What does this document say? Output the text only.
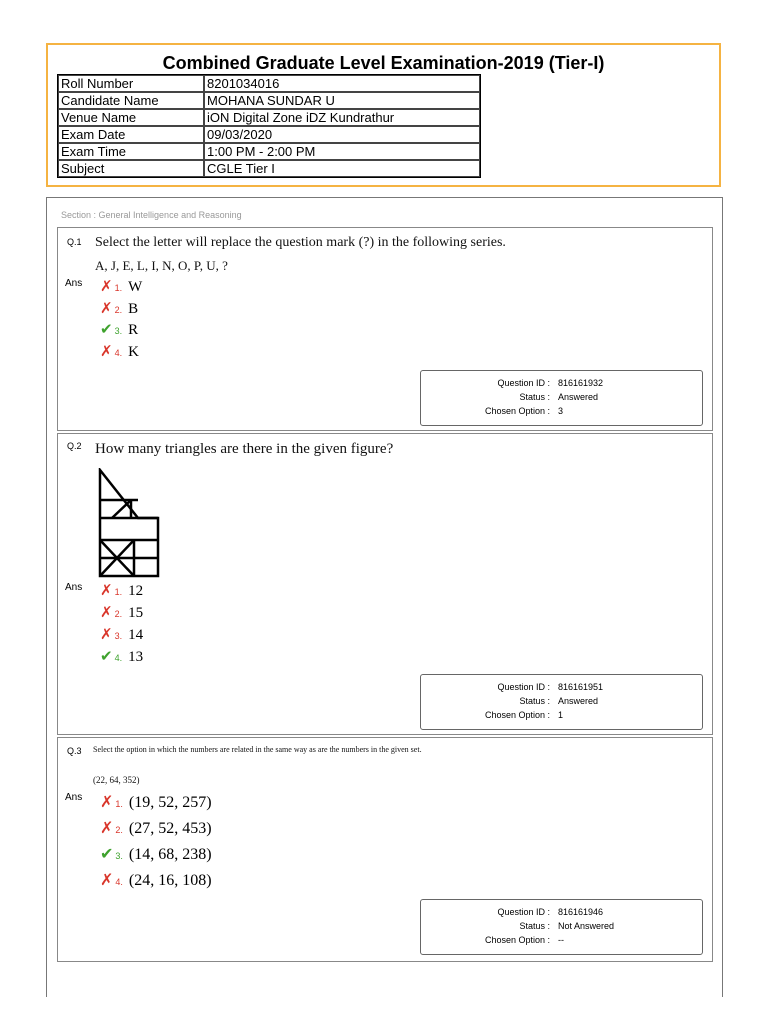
Combined Graduate Level Examination-2019 (Tier-I)
Roll Number	8201034016
Candidate Name	MOHANA SUNDAR U
Venue Name	iON Digital Zone iDZ Kundrathur
Exam Date	09/03/2020
Exam Time	1:00 PM - 2:00 PM
Subject	CGLE Tier I
Section : General Intelligence and Reasoning
Q.1 Select the letter will replace the question mark (?) in the following series.
A, J, E, L, I, N, O, P, U, ?
Ans ✗ 1. W
✗ 2. B
✔ 3. R
✗ 4. K
Question ID : 816161932
Status : Answered
Chosen Option : 3
Q.2 How many triangles are there in the given figure?
Ans ✗ 1. 12
✗ 2. 15
✗ 3. 14
✔ 4. 13
Question ID : 816161951
Status : Answered
Chosen Option : 1
Q.3 Select the option in which the numbers are related in the same way as are the numbers in the given set.
(22, 64, 352)
Ans ✗ 1. (19, 52, 257)
✗ 2. (27, 52, 453)
✔ 3. (14, 68, 238)
✗ 4. (24, 16, 108)
Question ID : 816161946
Status : Not Answered
Chosen Option : --
